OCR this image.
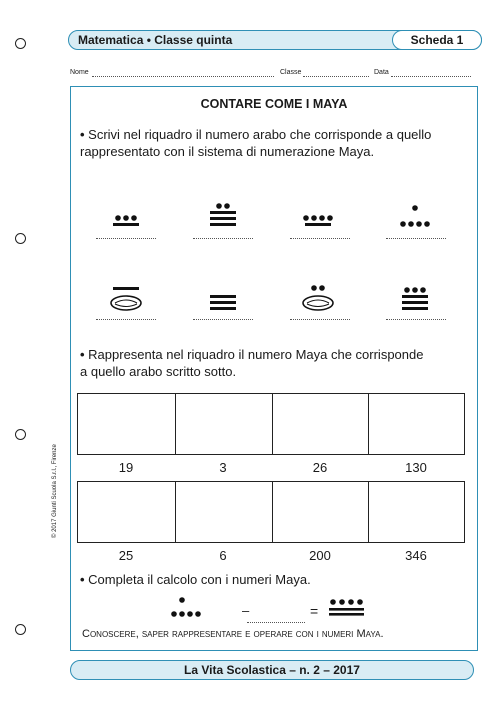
Matematica • Classe quinta	Scheda 1
Nome	Classe	Data
CONTARE COME I MAYA
• Scrivi nel riquadro il numero arabo che corrisponde a quello
rappresentato con il sistema di numerazione Maya.
• Rappresenta nel riquadro il numero Maya che corrisponde
a quello arabo scritto sotto.
19	3	26	130
25	6	200	346
• Completa il calcolo con i numeri Maya.
–	=
Conoscere, saper rappresentare e operare con i numeri Maya.
© 2017 Giunti Scuola S.r.l., Firenze
La Vita Scolastica – n. 2 – 2017
